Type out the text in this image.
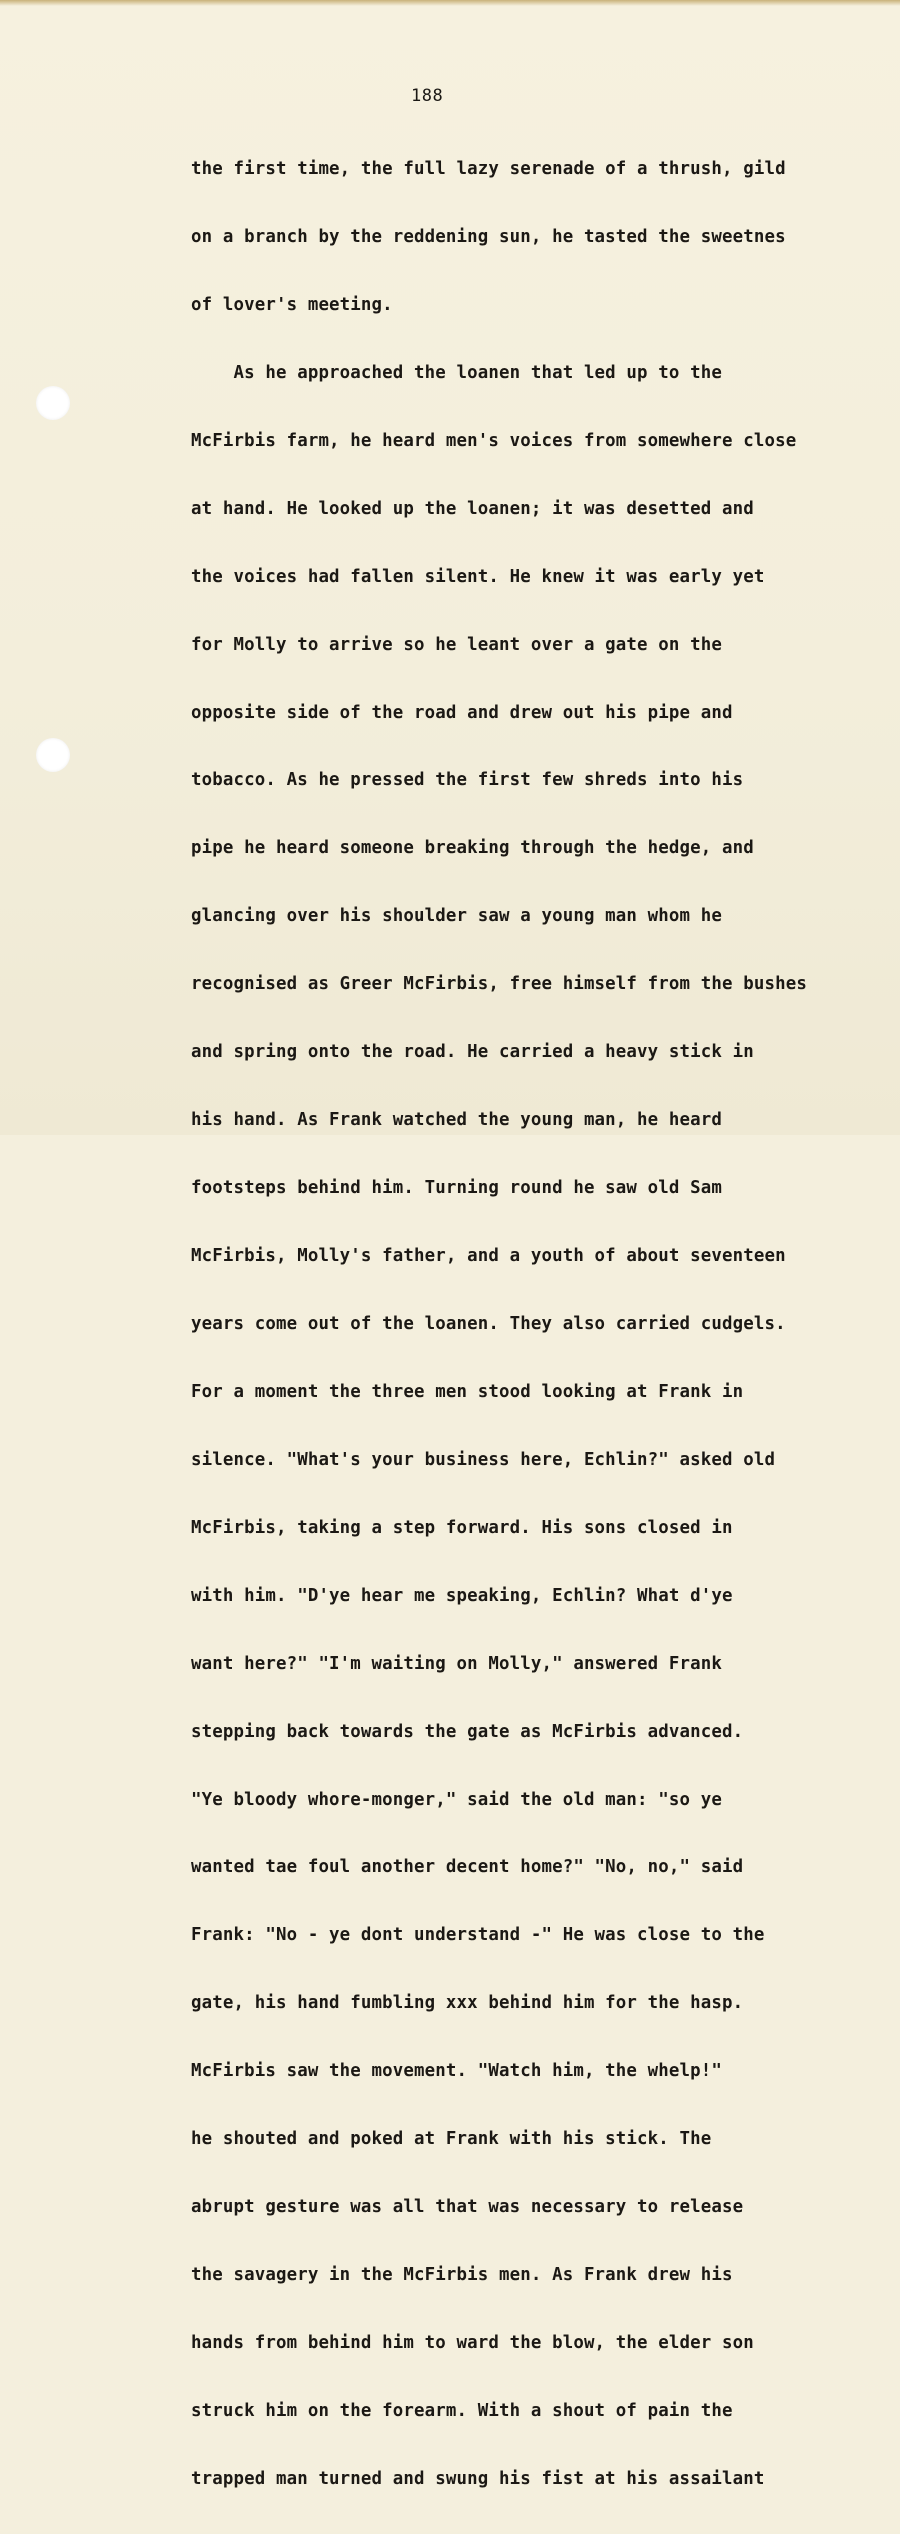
188

the first time, the full lazy serenade of a thrush, gild

on a branch by the reddening sun, he tasted the sweetnes

of lover's meeting.

As he approached the loanen that led up to the

McFirbis farm, he heard men's voices from somewhere close

at hand. He looked up the loanen; it was desetted and

the voices had fallen silent. He knew it was early yet

for Molly to arrive so he leant over a gate on the

opposite side of the road and drew out his pipe and

tobacco. As he pressed the first few shreds into his

pipe he heard someone breaking through the hedge, and

glancing over his shoulder saw a young man whom he

recognised as Greer McFirbis, free himself from the bushes

and spring onto the road. He carried a heavy stick in

his hand. As Frank watched the young man, he heard

footsteps behind him. Turning round he saw old Sam

McFirbis, Molly's father, and a youth of about seventeen

years come out of the loanen. They also carried cudgels.

For a moment the three men stood looking at Frank in

silence. "What's your business here, Echlin?" asked old

McFirbis, taking a step forward. His sons closed in

with him. "D'ye hear me speaking, Echlin? What d'ye

want here?" "I'm waiting on Molly," answered Frank

stepping back towards the gate as McFirbis advanced.

"Ye bloody whore-monger," said the old man: "so ye

wanted tae foul another decent home?" "No, no," said

Frank: "No - ye dont understand -" He was close to the

gate, his hand fumbling xxx behind him for the hasp.

McFirbis saw the movement. "Watch him, the whelp!"

he shouted and poked at Frank with his stick. The

abrupt gesture was all that was necessary to release

the savagery in the McFirbis men. As Frank drew his

hands from behind him to ward the blow, the elder son

struck him on the forearm. With a shout of pain the

trapped man turned and swung his fist at his assailant
